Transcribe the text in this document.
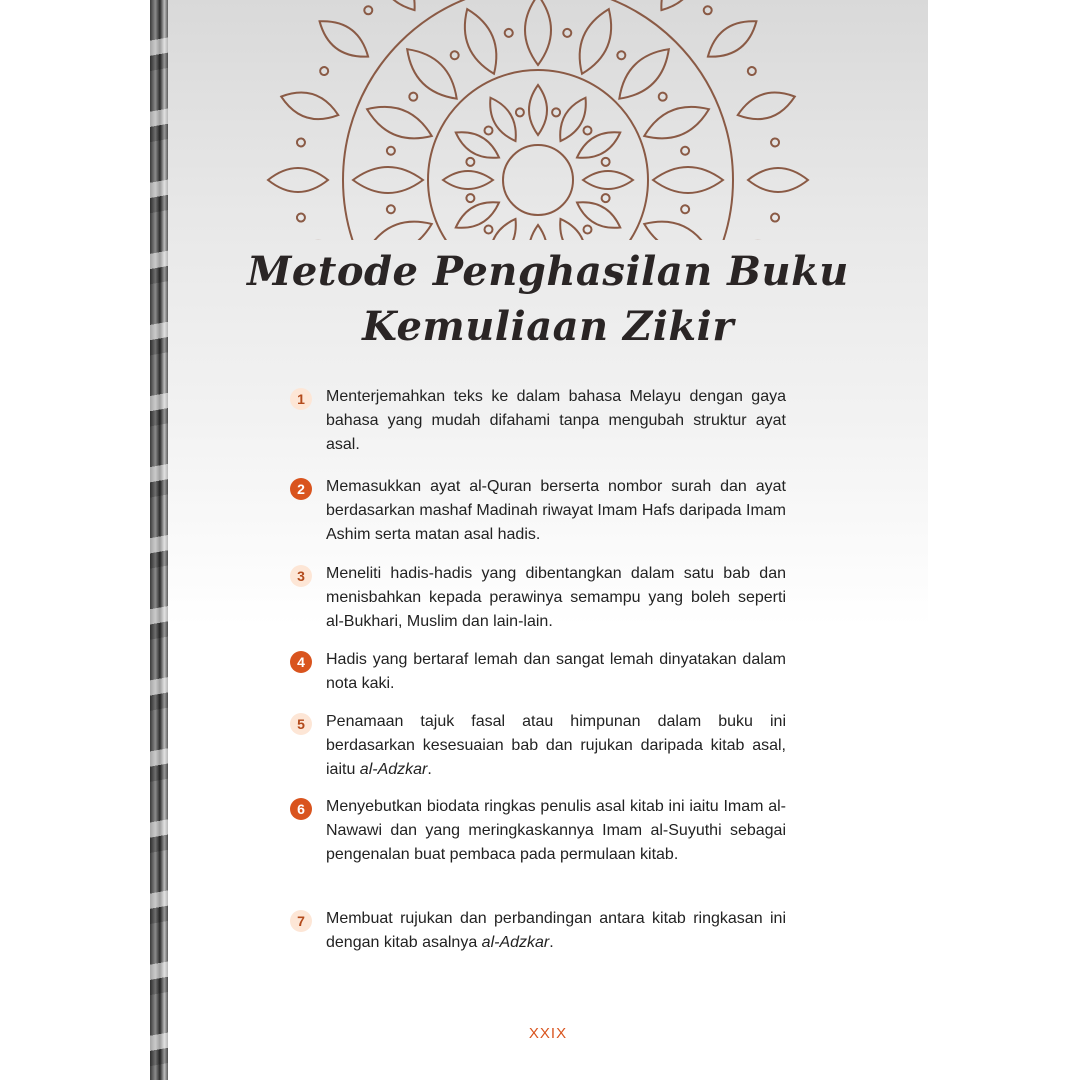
Metode Penghasilan Buku
Kemuliaan Zikir
1	Menterjemahkan teks ke dalam bahasa Melayu dengan gaya bahasa yang mudah difahami tanpa mengubah struktur ayat asal.
2	Memasukkan ayat al-Quran berserta nombor surah dan ayat berdasarkan mashaf Madinah riwayat Imam Hafs daripada Imam Ashim serta matan asal hadis.
3	Meneliti hadis-hadis yang dibentangkan dalam satu bab dan menisbahkan kepada perawinya semampu yang boleh seperti al-Bukhari, Muslim dan lain-lain.
4	Hadis yang bertaraf lemah dan sangat lemah dinyatakan dalam nota kaki.
5	Penamaan tajuk fasal atau himpunan dalam buku ini berdasarkan kesesuaian bab dan rujukan daripada kitab asal, iaitu al-Adzkar.
6	Menyebutkan biodata ringkas penulis asal kitab ini iaitu Imam al-Nawawi dan yang meringkaskannya Imam al-Suyuthi sebagai pengenalan buat pembaca pada permulaan kitab.
7	Membuat rujukan dan perbandingan antara kitab ringkasan ini dengan kitab asalnya al-Adzkar.
XXIX
